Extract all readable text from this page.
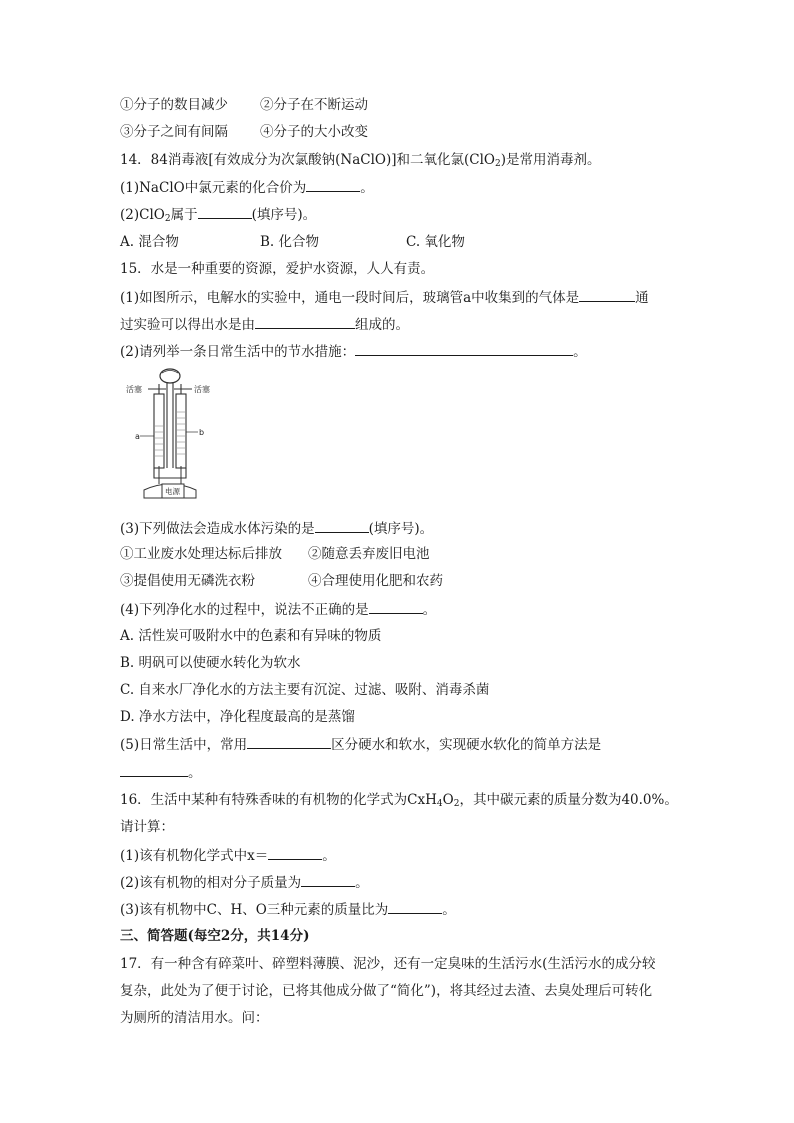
①分子的数目减少 ②分子在不断运动
③分子之间有间隔 ④分子的大小改变
14．84消毒液[有效成分为次氯酸钠(NaClO)]和二氧化氯(ClO$_2$)是常用消毒剂。
(1)NaClO中氯元素的化合价为	。
(2)ClO$_2$属于	(填序号)。
A. 混合物	B. 化合物	C. 氧化物
15．水是一种重要的资源，爱护水资源，人人有责。
(1)如图所示，电解水的实验中，通电一段时间后，玻璃管a中收集到的气体是	通
过实验可以得出水是由	组成的。
(2)请列举一条日常生活中的节水措施：	。
活塞	活塞
a	b
电源
(3)下列做法会造成水体污染的是	(填序号)。
①工业废水处理达标后排放 ②随意丢弃废旧电池
③提倡使用无磷洗衣粉	④合理使用化肥和农药
(4)下列净化水的过程中，说法不正确的是	。
A. 活性炭可吸附水中的色素和有异味的物质
B. 明矾可以使硬水转化为软水
C. 自来水厂净化水的方法主要有沉淀、过滤、吸附、消毒杀菌
D. 净水方法中，净化程度最高的是蒸馏
(5)日常生活中，常用	区分硬水和软水，实现硬水软化的简单方法是
。
16．生活中某种有特殊香味的有机物的化学式为$CxH_4O_2$，其中碳元素的质量分数为40.0%。
请计算：
(1)该有机物化学式中x＝	。
(2)该有机物的相对分子质量为	。
(3)该有机物中C、H、O三种元素的质量比为	。
三、简答题(每空2分，共14分)
17．有一种含有碎菜叶、碎塑料薄膜、泥沙，还有一定臭味的生活污水(生活污水的成分较
复杂，此处为了便于讨论，已将其他成分做了“简化”)，将其经过去渣、去臭处理后可转化
为厕所的清洁用水。问：
